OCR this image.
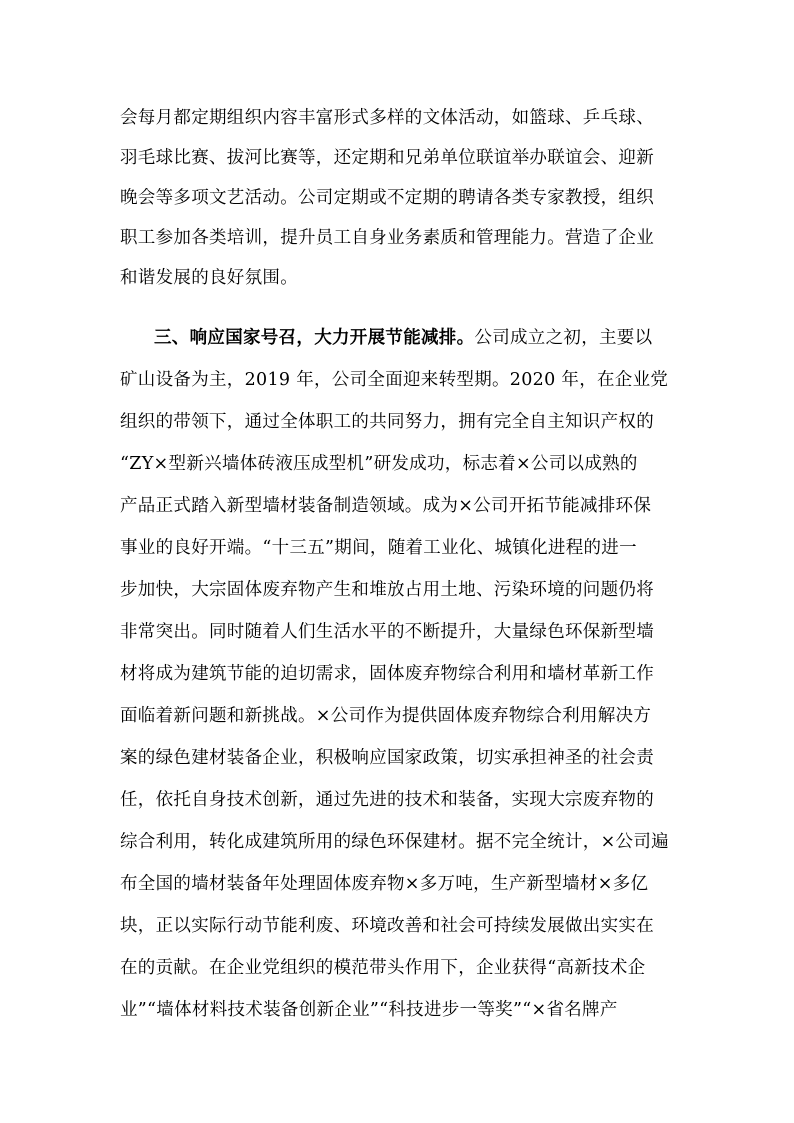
会每月都定期组织内容丰富形式多样的文体活动，如篮球、乒乓球、
羽毛球比赛、拔河比赛等，还定期和兄弟单位联谊举办联谊会、迎新
晚会等多项文艺活动。公司定期或不定期的聘请各类专家教授，组织
职工参加各类培训，提升员工自身业务素质和管理能力。营造了企业
和谐发展的良好氛围。
三、响应国家号召，大力开展节能减排。公司成立之初，主要以
矿山设备为主，2019 年，公司全面迎来转型期。2020 年，在企业党
组织的带领下，通过全体职工的共同努力，拥有完全自主知识产权的
“ZY×型新兴墙体砖液压成型机”研发成功，标志着×公司以成熟的
产品正式踏入新型墙材装备制造领域。成为×公司开拓节能减排环保
事业的良好开端。“十三五”期间，随着工业化、城镇化进程的进一
步加快，大宗固体废弃物产生和堆放占用土地、污染环境的问题仍将
非常突出。同时随着人们生活水平的不断提升，大量绿色环保新型墙
材将成为建筑节能的迫切需求，固体废弃物综合利用和墙材革新工作
面临着新问题和新挑战。×公司作为提供固体废弃物综合利用解决方
案的绿色建材装备企业，积极响应国家政策，切实承担神圣的社会责
任，依托自身技术创新，通过先进的技术和装备，实现大宗废弃物的
综合利用，转化成建筑所用的绿色环保建材。据不完全统计，×公司遍
布全国的墙材装备年处理固体废弃物×多万吨，生产新型墙材×多亿
块，正以实际行动节能利废、环境改善和社会可持续发展做出实实在
在的贡献。在企业党组织的模范带头作用下，企业获得“高新技术企
业”“墙体材料技术装备创新企业”“科技进步一等奖”“×省名牌产
